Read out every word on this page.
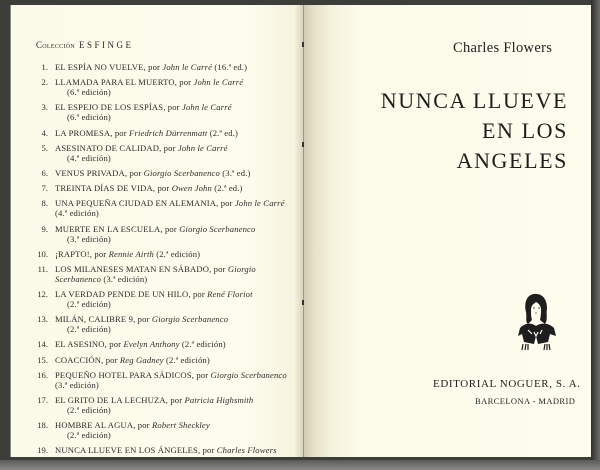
Colección ESFINGE
1. EL ESPÍA NO VUELVE, por John le Carré (16.ª ed.)
2. LLAMADA PARA EL MUERTO, por John le Carré
(6.ª edición)
3. EL ESPEJO DE LOS ESPÍAS, por John le Carré
(6.ª edición)
4. LA PROMESA, por Friedrich Dürrenmatt (2.ª ed.)
5. ASESINATO DE CALIDAD, por John le Carré
(4.ª edición)
6. VENUS PRIVADA, por Giorgio Scerbanenco (3.ª ed.)
7. TREINTA DÍAS DE VIDA, por Owen John (2.ª ed.)
8. UNA PEQUEÑA CIUDAD EN ALEMANIA, por John le Carré (4.ª edición)
9. MUERTE EN LA ESCUELA, por Giorgio Scerbanenco
(3.ª edición)
10. ¡RAPTO!, por Rennie Airth (2.ª edición)
11. LOS MILANESES MATAN EN SÁBADO, por Giorgio Scerbanenco (3.ª edición)
12. LA VERDAD PENDE DE UN HILO, por René Floriot
(2.ª edición)
13. MILÁN, CALIBRE 9, por Giorgio Scerbanenco
(2.ª edición)
14. EL ASESINO, por Evelyn Anthony (2.ª edición)
15. COACCIÓN, por Reg Gadney (2.ª edición)
16. PEQUEÑO HOTEL PARA SÁDICOS, por Giorgio Scerbanenco (3.ª edición)
17. EL GRITO DE LA LECHUZA, por Patricia Highsmith
(2.ª edición)
18. HOMBRE AL AGUA, por Robert Sheckley
(2.ª edición)
19. NUNCA LLUEVE EN LOS ÁNGELES, por Charles Flowers
Charles Flowers
NUNCA LLUEVE
EN LOS ANGELES
EDITORIAL NOGUER, S. A.
BARCELONA - MADRID
